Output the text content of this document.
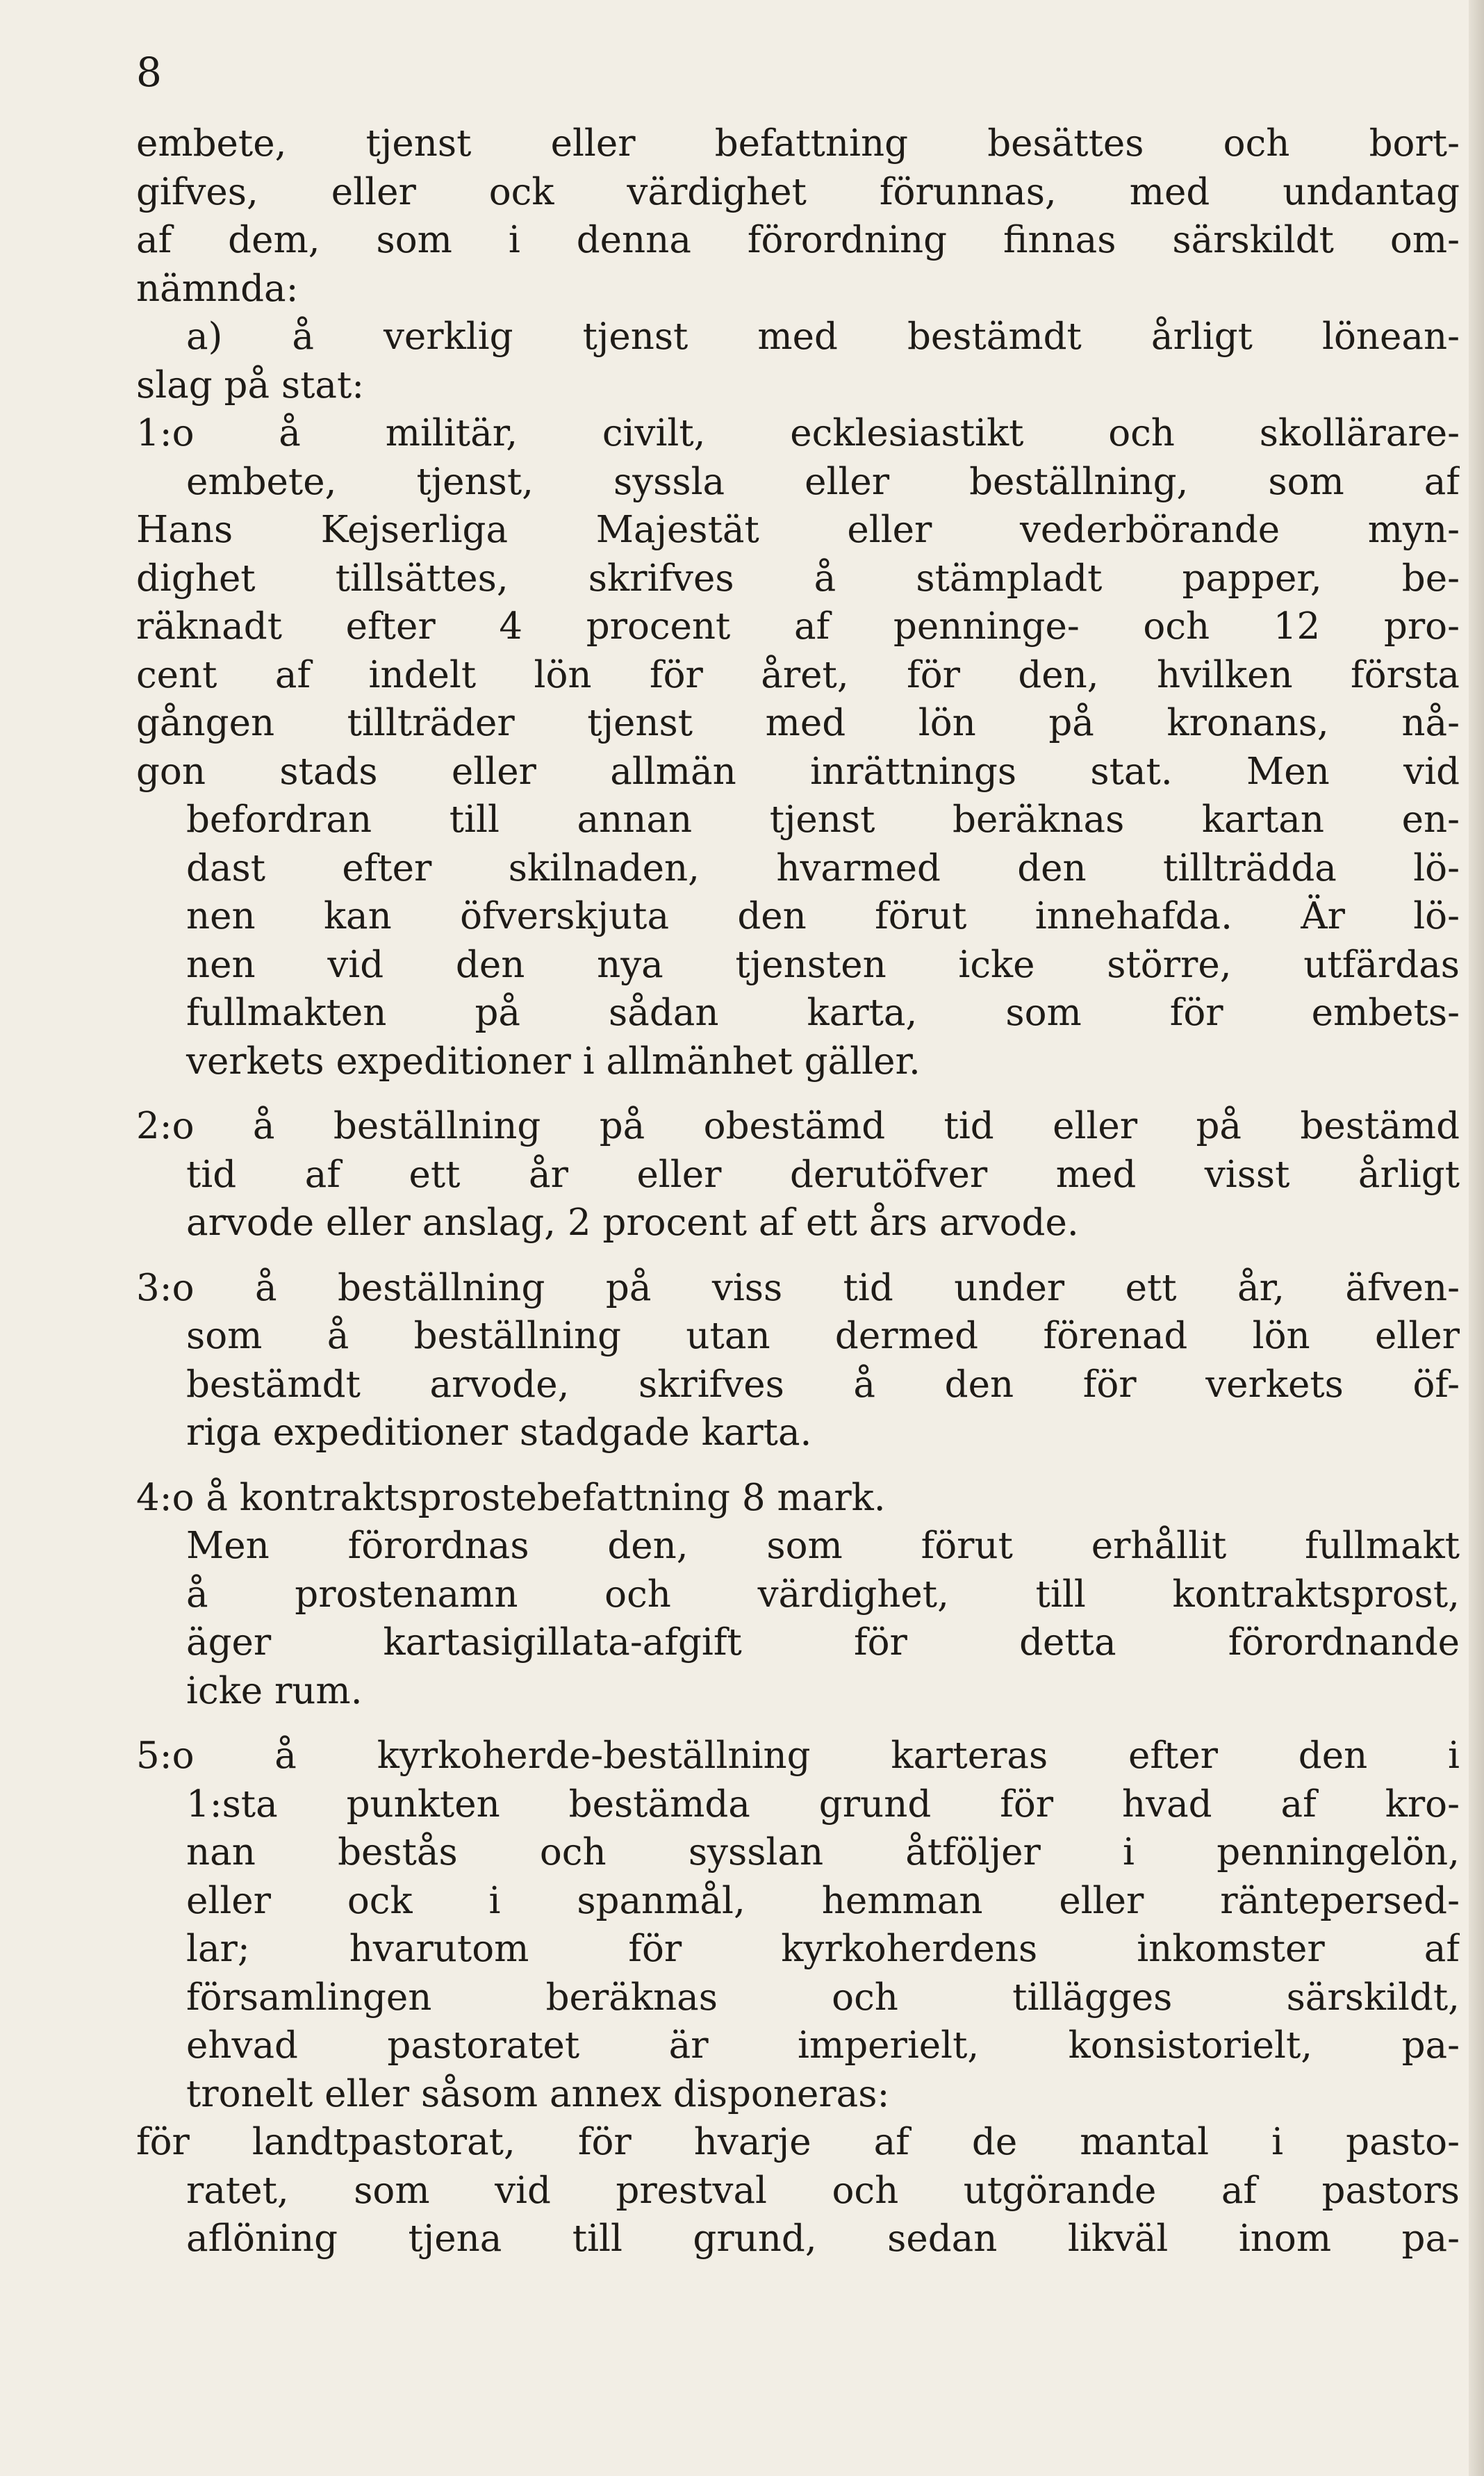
8
embete, tjenst eller befattning besättes och bort-
gifves, eller ock värdighet förunnas, med undantag
af dem, som i denna förordning finnas särskildt om-
nämnda:
a) å verklig tjenst med bestämdt årligt lönean-
slag på stat:
1:o å militär, civilt, ecklesiastikt och skollärare-
embete, tjenst, syssla eller beställning, som af
Hans Kejserliga Majestät eller vederbörande myn-
dighet tillsättes, skrifves å stämpladt papper, be-
räknadt efter 4 procent af penninge- och 12 pro-
cent af indelt lön för året, för den, hvilken första
gången tillträder tjenst med lön på kronans, nå-
gon stads eller allmän inrättnings stat. Men vid
befordran till annan tjenst beräknas kartan en-
dast efter skilnaden, hvarmed den tillträdda lö-
nen kan öfverskjuta den förut innehafda. Är lö-
nen vid den nya tjensten icke större, utfärdas
fullmakten på sådan karta, som för embets-
verkets expeditioner i allmänhet gäller.
2:o å beställning på obestämd tid eller på bestämd
tid af ett år eller derutöfver med visst årligt
arvode eller anslag, 2 procent af ett års arvode.
3:o å beställning på viss tid under ett år, äfven-
som å beställning utan dermed förenad lön eller
bestämdt arvode, skrifves å den för verkets öf-
riga expeditioner stadgade karta.
4:o å kontraktsprostebefattning 8 mark.
Men förordnas den, som förut erhållit fullmakt
å prostenamn och värdighet, till kontraktsprost,
äger kartasigillata-afgift för detta förordnande
icke rum.
5:o å kyrkoherde-beställning karteras efter den i
1:sta punkten bestämda grund för hvad af kro-
nan bestås och sysslan åtföljer i penningelön,
eller ock i spanmål, hemman eller räntepersed-
lar; hvarutom för kyrkoherdens inkomster af
församlingen beräknas och tillägges särskildt,
ehvad pastoratet är imperielt, konsistorielt, pa-
tronelt eller såsom annex disponeras:
för landtpastorat, för hvarje af de mantal i pasto-
ratet, som vid prestval och utgörande af pastors
aflöning tjena till grund, sedan likväl inom pa-
